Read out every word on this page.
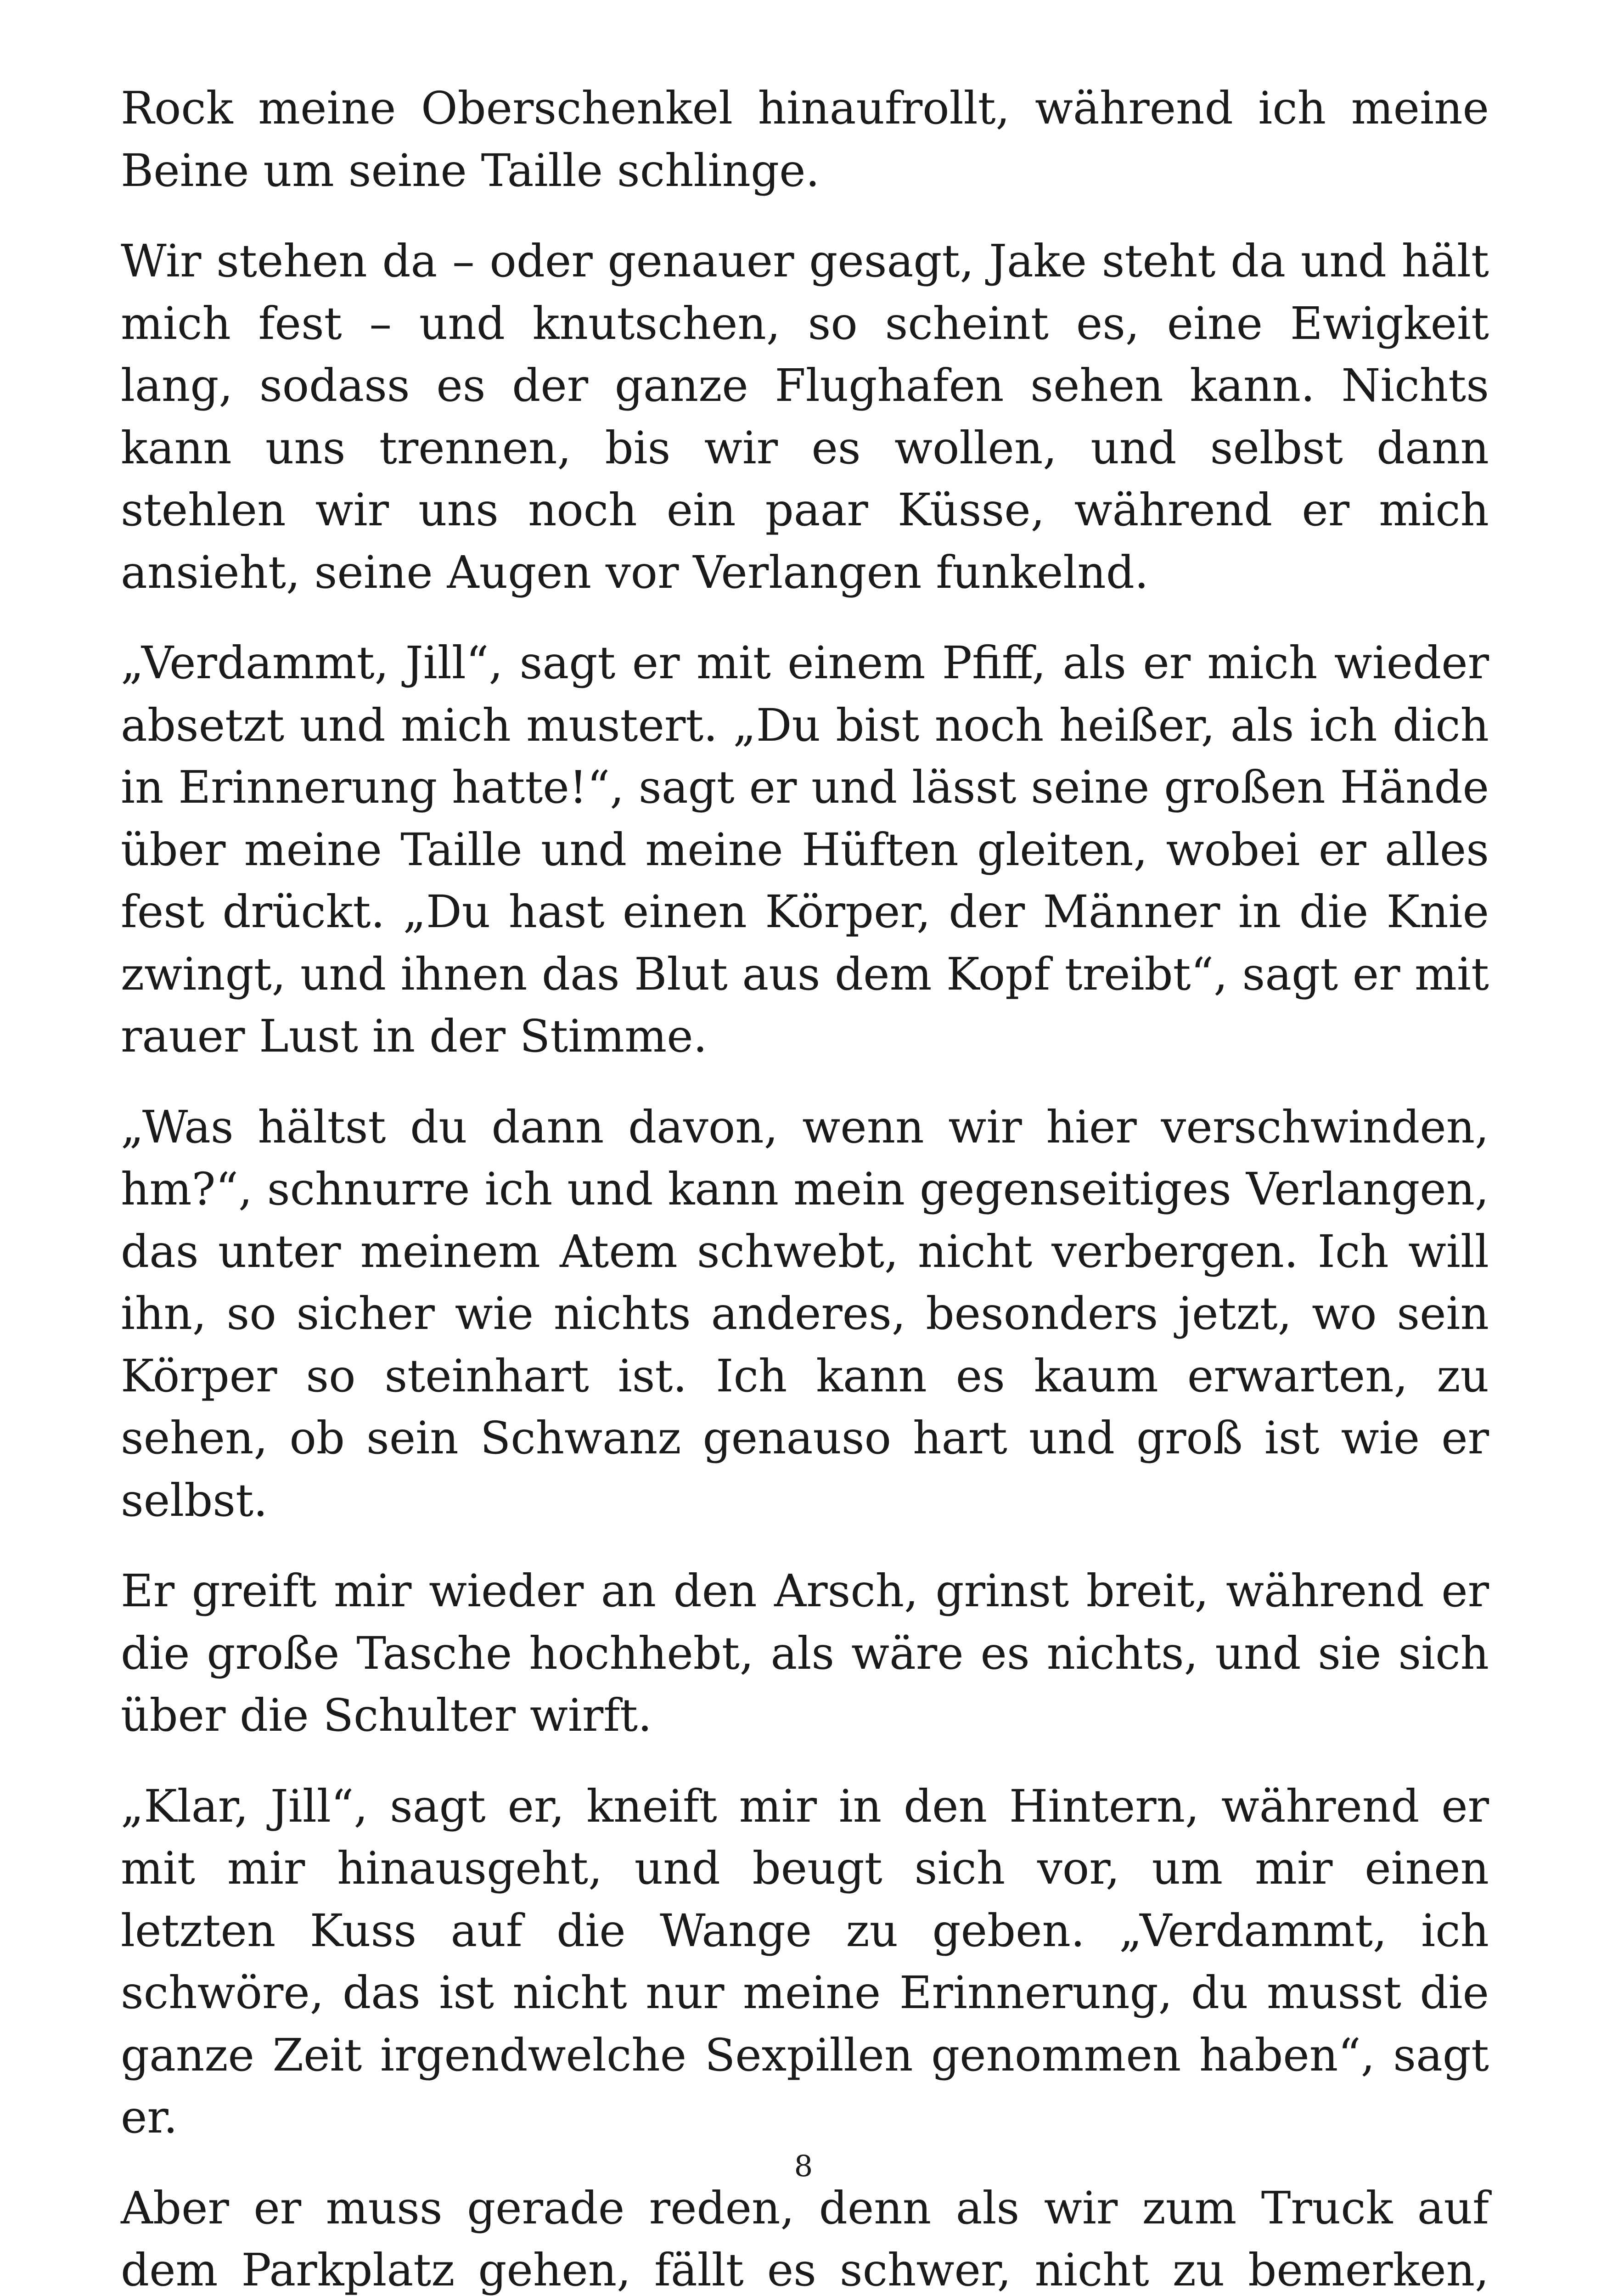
Rock meine Oberschenkel hinaufrollt, während ich meine Beine um seine Taille schlinge.

Wir stehen da – oder genauer gesagt, Jake steht da und hält mich fest – und knutschen, so scheint es, eine Ewigkeit lang, sodass es der ganze Flughafen sehen kann. Nichts kann uns trennen, bis wir es wollen, und selbst dann stehlen wir uns noch ein paar Küsse, während er mich ansieht, seine Augen vor Verlangen funkelnd.

„Verdammt, Jill“, sagt er mit einem Pfiff, als er mich wieder absetzt und mich mustert. „Du bist noch heißer, als ich dich in Erinnerung hatte!“, sagt er und lässt seine großen Hände über meine Taille und meine Hüften gleiten, wobei er alles fest drückt. „Du hast einen Körper, der Männer in die Knie zwingt, und ihnen das Blut aus dem Kopf treibt“, sagt er mit rauer Lust in der Stimme.

„Was hältst du dann davon, wenn wir hier verschwinden, hm?“, schnurre ich und kann mein gegenseitiges Verlangen, das unter meinem Atem schwebt, nicht verbergen. Ich will ihn, so sicher wie nichts anderes, besonders jetzt, wo sein Körper so steinhart ist. Ich kann es kaum erwarten, zu sehen, ob sein Schwanz genauso hart und groß ist wie er selbst.

Er greift mir wieder an den Arsch, grinst breit, während er die große Tasche hochhebt, als wäre es nichts, und sie sich über die Schulter wirft.

„Klar, Jill“, sagt er, kneift mir in den Hintern, während er mit mir hinausgeht, und beugt sich vor, um mir einen letzten Kuss auf die Wange zu geben. „Verdammt, ich schwöre, das ist nicht nur meine Erinnerung, du musst die ganze Zeit irgendwelche Sexpillen genommen haben“, sagt er.

Aber er muss gerade reden, denn als wir zum Truck auf dem Parkplatz gehen, fällt es schwer, nicht zu bemerken,

8
